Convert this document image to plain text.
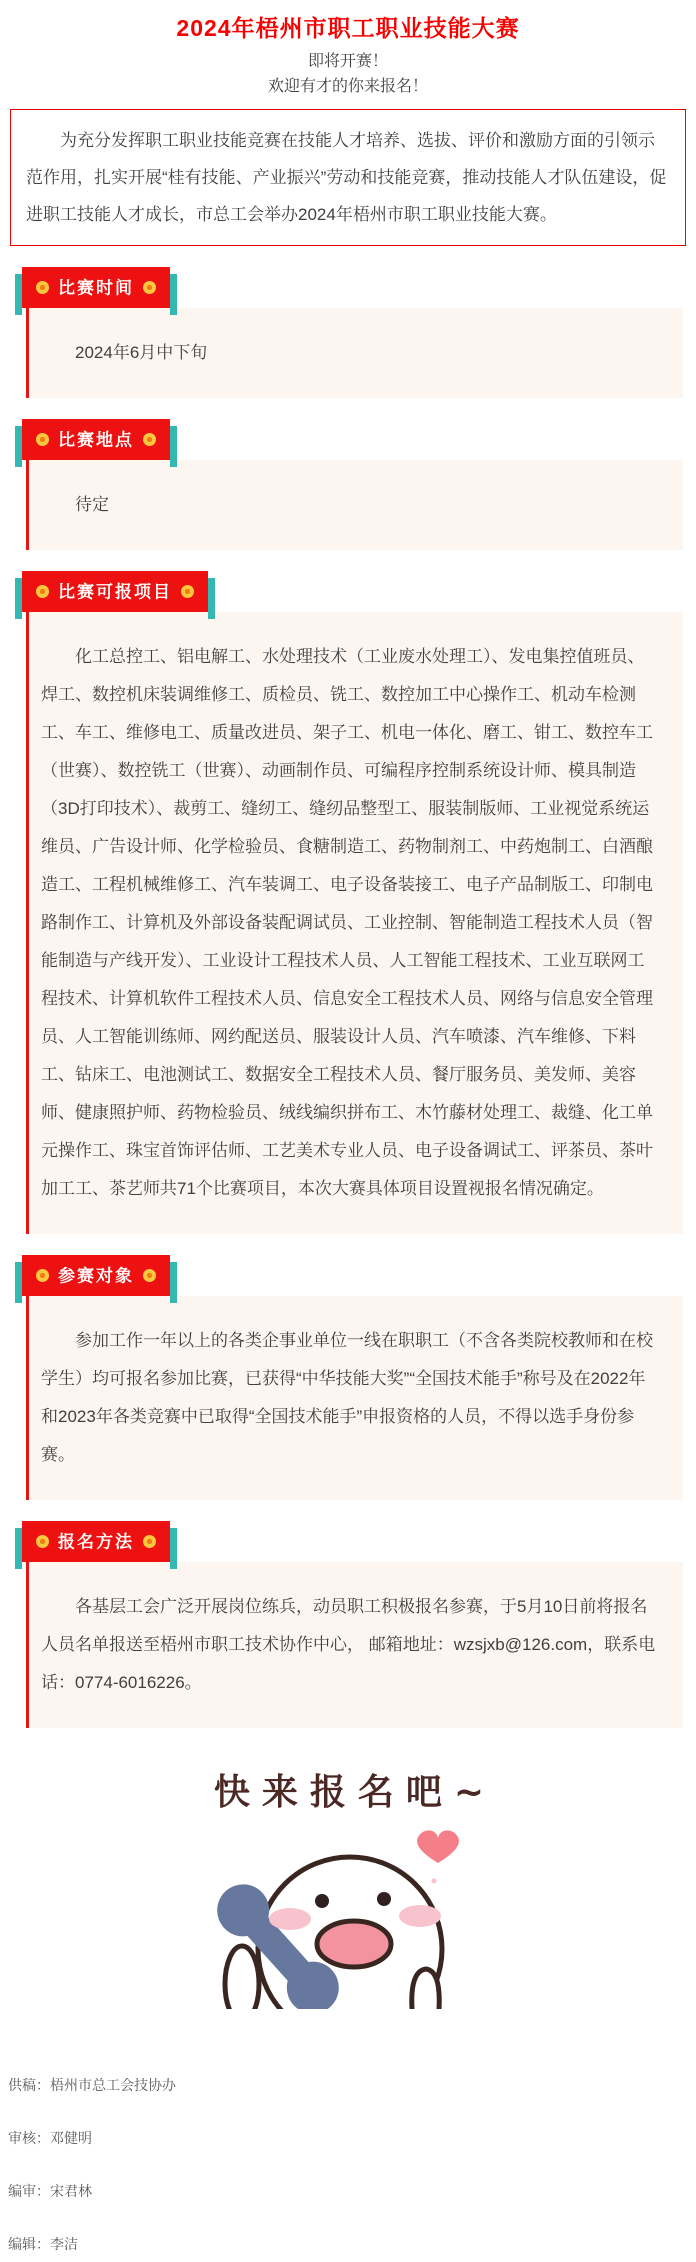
2024年梧州市职工职业技能大赛
即将开赛！
欢迎有才的你来报名！

为充分发挥职工职业技能竞赛在技能人才培养、选拔、评价和激励方面的引领示范作用，扎实开展“桂有技能、产业振兴”劳动和技能竞赛，推动技能人才队伍建设，促进职工技能人才成长，市总工会举办2024年梧州市职工职业技能大赛。

比赛时间

2024年6月中下旬

比赛地点

待定

比赛可报项目

化工总控工、铝电解工、水处理技术（工业废水处理工）、发电集控值班员、焊工、数控机床装调维修工、质检员、铣工、数控加工中心操作工、机动车检测工、车工、维修电工、质量改进员、架子工、机电一体化、磨工、钳工、数控车工（世赛）、数控铣工（世赛）、动画制作员、可编程序控制系统设计师、模具制造（3D打印技术）、裁剪工、缝纫工、缝纫品整型工、服装制版师、工业视觉系统运维员、广告设计师、化学检验员、食糖制造工、药物制剂工、中药炮制工、白酒酿造工、工程机械维修工、汽车装调工、电子设备装接工、电子产品制版工、印制电路制作工、计算机及外部设备装配调试员、工业控制、智能制造工程技术人员（智能制造与产线开发）、工业设计工程技术人员、人工智能工程技术、工业互联网工程技术、计算机软件工程技术人员、信息安全工程技术人员、网络与信息安全管理员、人工智能训练师、网约配送员、服装设计人员、汽车喷漆、汽车维修、下料工、钻床工、电池测试工、数据安全工程技术人员、餐厅服务员、美发师、美容师、健康照护师、药物检验员、绒线编织拼布工、木竹藤材处理工、裁缝、化工单元操作工、珠宝首饰评估师、工艺美术专业人员、电子设备调试工、评茶员、茶叶加工工、茶艺师共71个比赛项目，本次大赛具体项目设置视报名情况确定。

参赛对象

参加工作一年以上的各类企事业单位一线在职职工（不含各类院校教师和在校学生）均可报名参加比赛，已获得“中华技能大奖”“全国技术能手”称号及在2022年和2023年各类竞赛中已取得“全国技术能手”申报资格的人员，不得以选手身份参赛。

报名方法

各基层工会广泛开展岗位练兵，动员职工积极报名参赛，于5月10日前将报名人员名单报送至梧州市职工技术协作中心， 邮箱地址：wzsjxb@126.com，联系电话：0774-6016226。

快来报名吧~
供稿：梧州市总工会技协办
审核：邓健明
编审：宋君林
编辑：李洁
